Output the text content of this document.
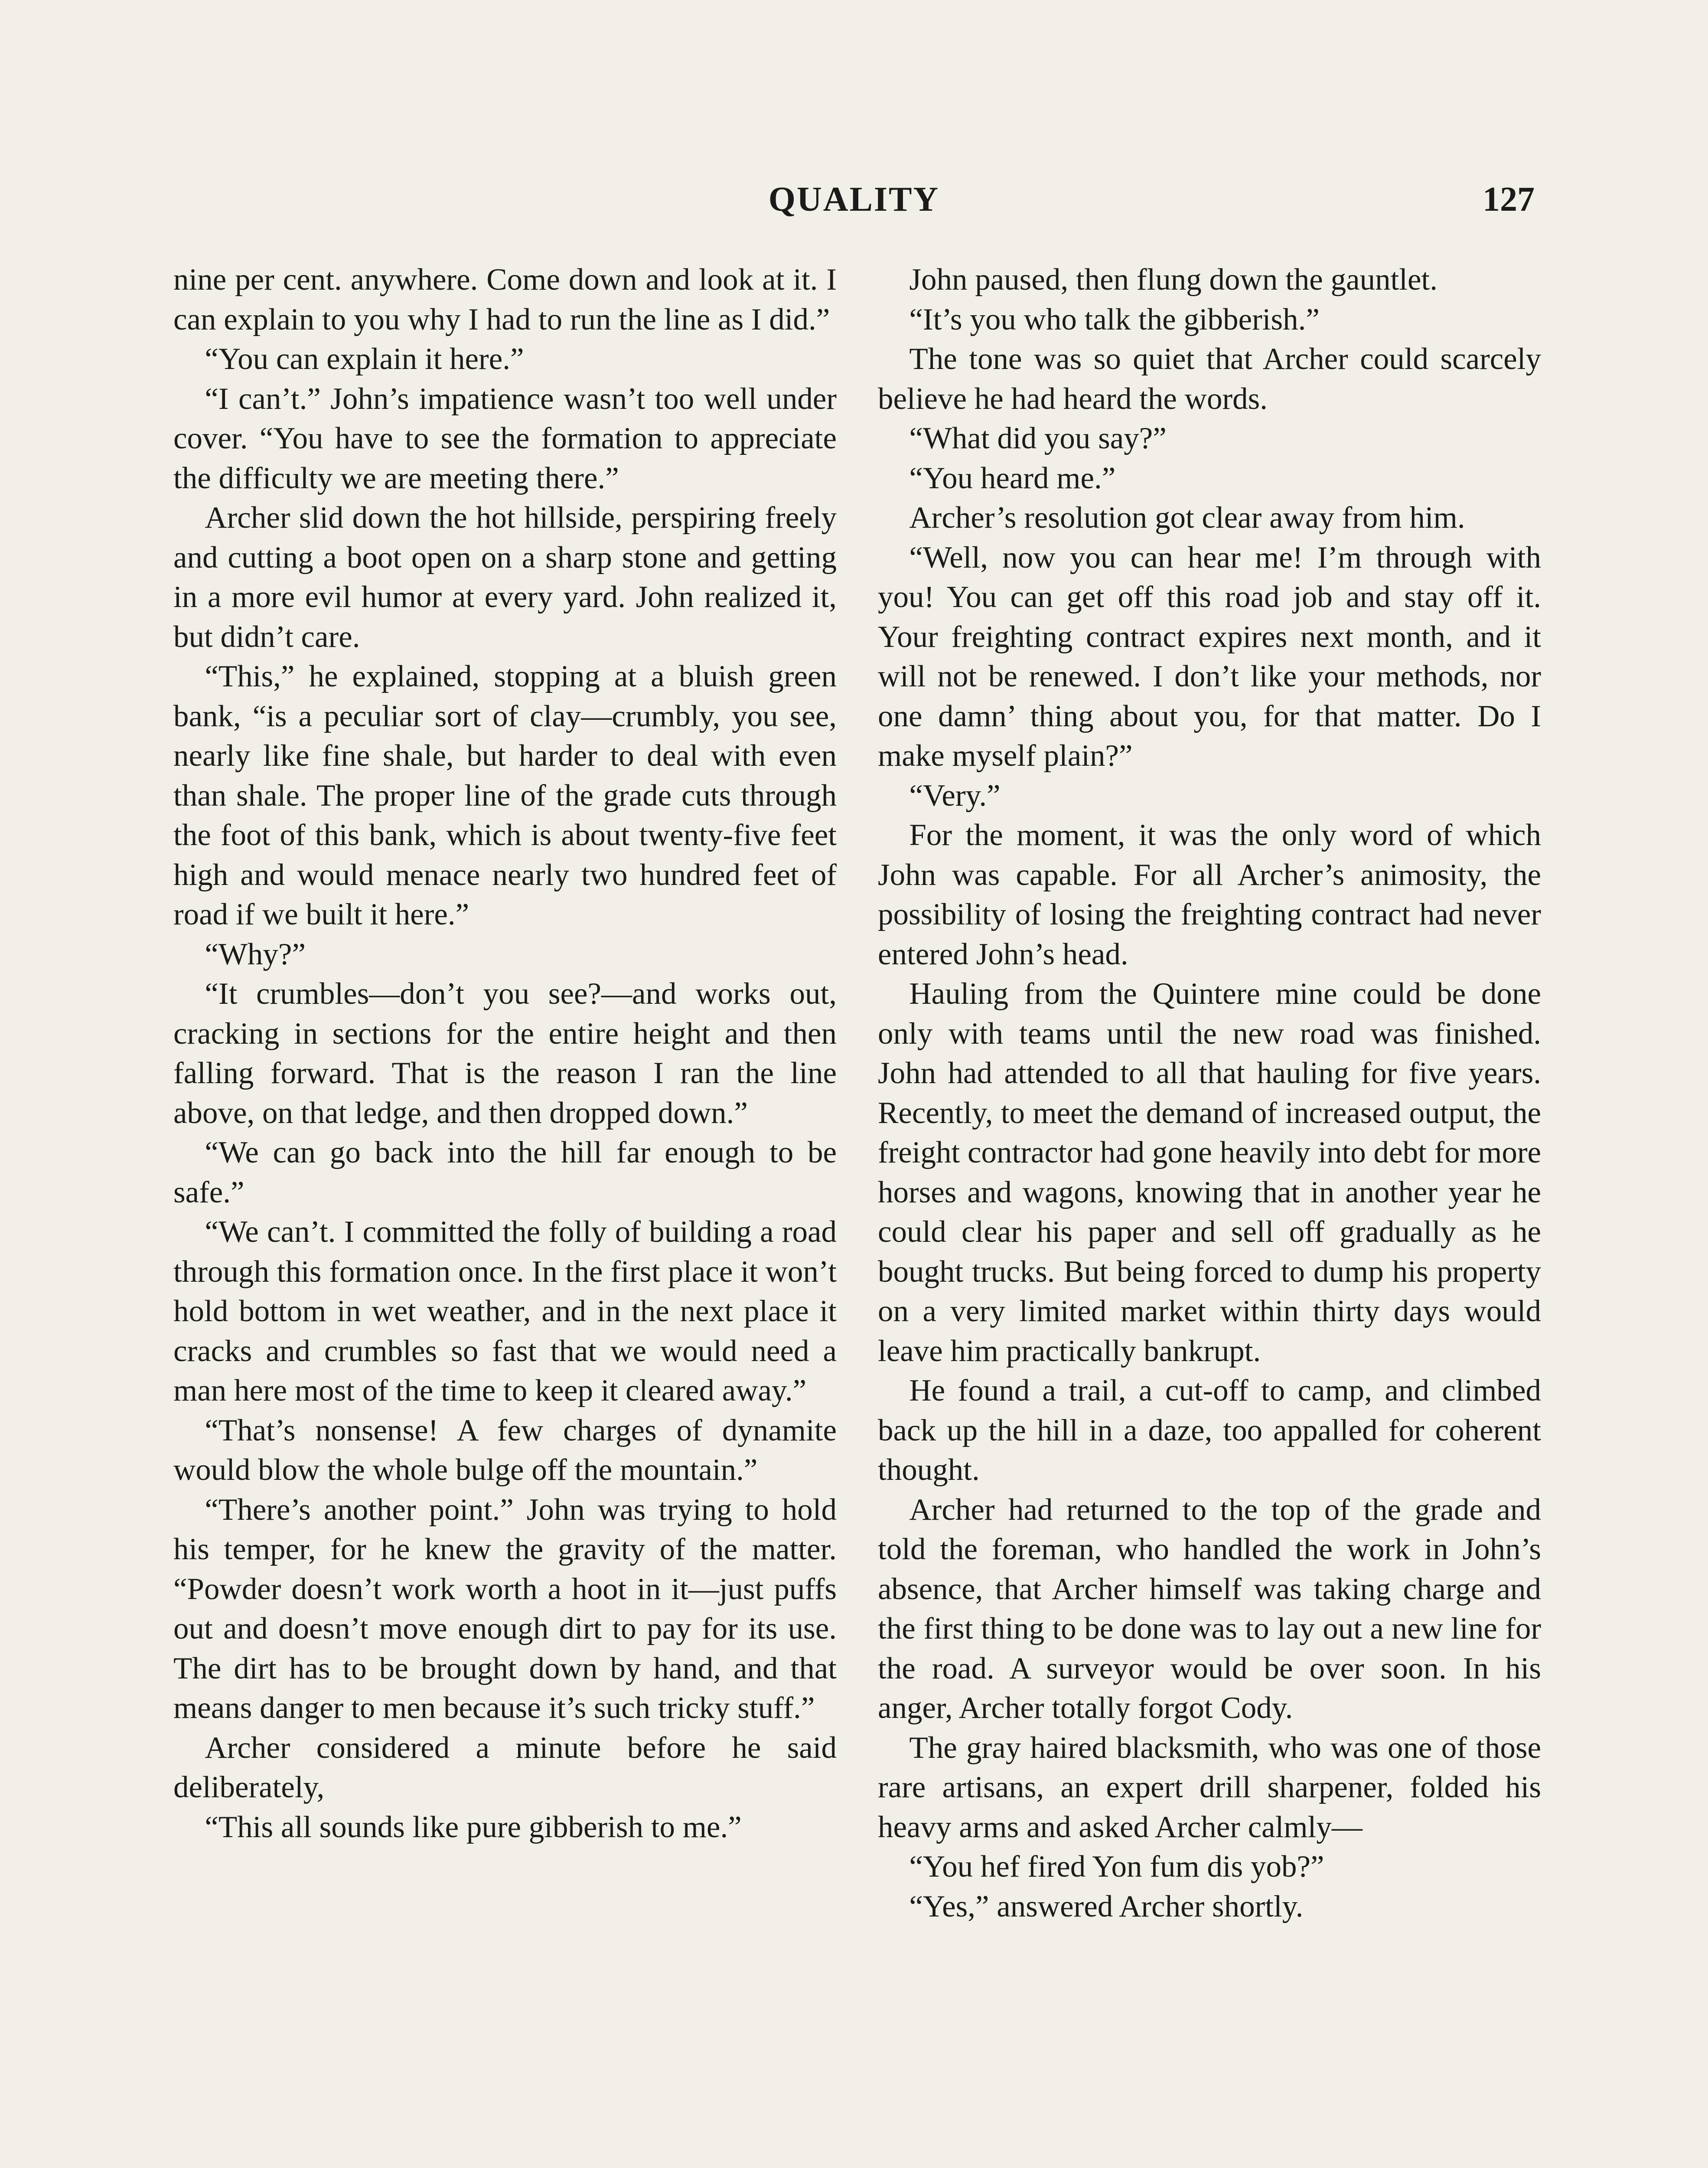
QUALITY	127

nine per cent. anywhere. Come down and look at it. I can explain to you why I had to run the line as I did.”

“You can explain it here.”

“I can’t.” John’s impatience wasn’t too well under cover. “You have to see the formation to appreciate the difficulty we are meeting there.”

Archer slid down the hot hillside, perspiring freely and cutting a boot open on a sharp stone and getting in a more evil humor at every yard. John realized it, but didn’t care.

“This,” he explained, stopping at a bluish green bank, “is a peculiar sort of clay—crumbly, you see, nearly like fine shale, but harder to deal with even than shale. The proper line of the grade cuts through the foot of this bank, which is about twenty-five feet high and would menace nearly two hundred feet of road if we built it here.”

“Why?”

“It crumbles—don’t you see?—and works out, cracking in sections for the entire height and then falling forward. That is the reason I ran the line above, on that ledge, and then dropped down.”

“We can go back into the hill far enough to be safe.”

“We can’t. I committed the folly of building a road through this formation once. In the first place it won’t hold bottom in wet weather, and in the next place it cracks and crumbles so fast that we would need a man here most of the time to keep it cleared away.”

“That’s nonsense! A few charges of dynamite would blow the whole bulge off the mountain.”

“There’s another point.” John was trying to hold his temper, for he knew the gravity of the matter. “Powder doesn’t work worth a hoot in it—just puffs out and doesn’t move enough dirt to pay for its use. The dirt has to be brought down by hand, and that means danger to men because it’s such tricky stuff.”

Archer considered a minute before he said deliberately,

“This all sounds like pure gibberish to me.”

John paused, then flung down the gauntlet.

“It’s you who talk the gibberish.”

The tone was so quiet that Archer could scarcely believe he had heard the words.

“What did you say?”

“You heard me.”

Archer’s resolution got clear away from him.

“Well, now you can hear me! I’m through with you! You can get off this road job and stay off it. Your freighting contract expires next month, and it will not be renewed. I don’t like your methods, nor one damn’ thing about you, for that matter. Do I make myself plain?”

“Very.”

For the moment, it was the only word of which John was capable. For all Archer’s animosity, the possibility of losing the freighting contract had never entered John’s head.

Hauling from the Quintere mine could be done only with teams until the new road was finished. John had attended to all that hauling for five years. Recently, to meet the demand of increased output, the freight contractor had gone heavily into debt for more horses and wagons, knowing that in another year he could clear his paper and sell off gradually as he bought trucks. But being forced to dump his property on a very limited market within thirty days would leave him practically bankrupt.

He found a trail, a cut-off to camp, and climbed back up the hill in a daze, too appalled for coherent thought.

Archer had returned to the top of the grade and told the foreman, who handled the work in John’s absence, that Archer himself was taking charge and the first thing to be done was to lay out a new line for the road. A surveyor would be over soon. In his anger, Archer totally forgot Cody.

The gray haired blacksmith, who was one of those rare artisans, an expert drill sharpener, folded his heavy arms and asked Archer calmly—

“You hef fired Yon fum dis yob?”

“Yes,” answered Archer shortly.
